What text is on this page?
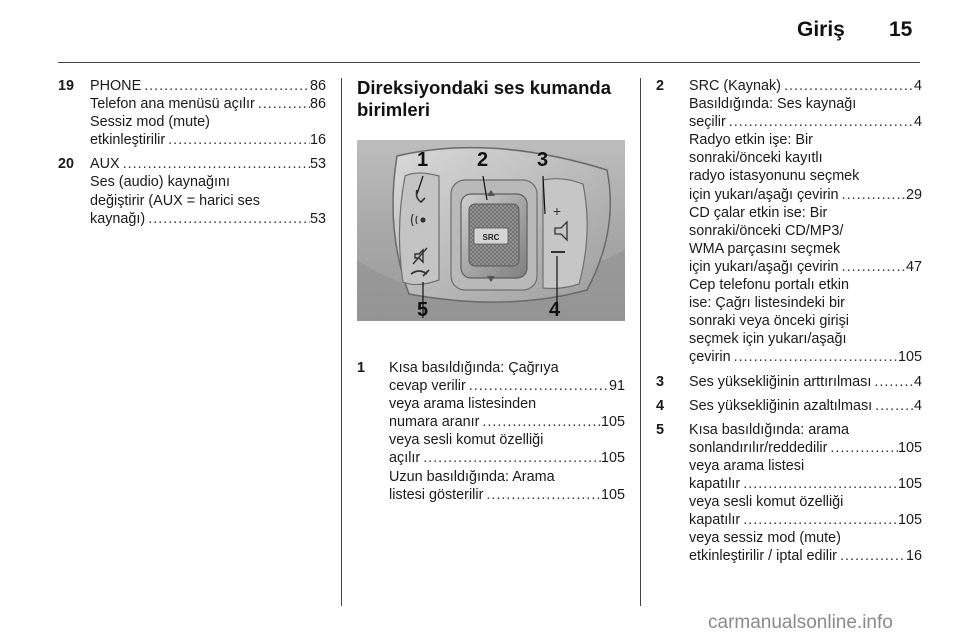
Giriş 15
19	PHONE .....	86
Telefon ana menüsü açılır .....	86
Sessiz mod (mute)
etkinleştirilir .....	16
20	AUX .....	53
Ses (audio) kaynağını
değiştirir (AUX = harici ses
kaynağı) .....	53
Direksiyondaki ses kumanda birimleri
SRC
+
1 2 3
4
5
1	Kısa basıldığında: Çağrıya
cevap verilir .....	91
veya arama listesinden
numara aranır .....	105
veya sesli komut özelliği
açılır .....	105
Uzun basıldığında: Arama
listesi gösterilir .....	105
2	SRC (Kaynak) .....	4
Basıldığında: Ses kaynağı
seçilir .....	4
Radyo etkin işe: Bir
sonraki/önceki kayıtlı
radyo istasyonunu seçmek
için yukarı/aşağı çevirin .....	29
CD çalar etkin ise: Bir
sonraki/önceki CD/MP3/
WMA parçasını seçmek
için yukarı/aşağı çevirin .....	47
Cep telefonu portalı etkin
ise: Çağrı listesindeki bir
sonraki veya önceki girişi
seçmek için yukarı/aşağı
çevirin .....	105
3	Ses yüksekliğinin arttırılması .....	4
4	Ses yüksekliğinin azaltılması .....	4
5	Kısa basıldığında: arama
sonlandırılır/reddedilir .....	105
veya arama listesi
kapatılır .....	105
veya sesli komut özelliği
kapatılır .....	105
veya sessiz mod (mute)
etkinleştirilir / iptal edilir .....	16
carmanualsonline.info
